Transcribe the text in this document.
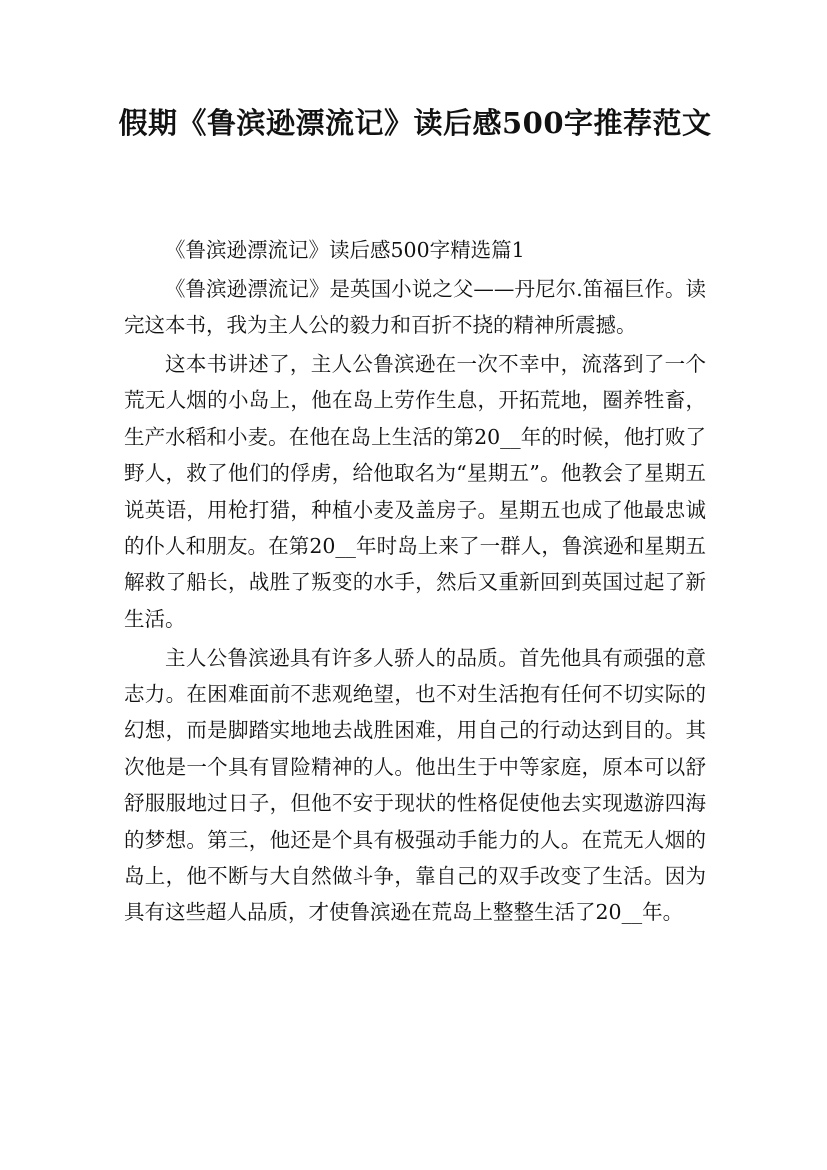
假期《鲁滨逊漂流记》读后感500字推荐范文

《鲁滨逊漂流记》读后感500字精选篇1

《鲁滨逊漂流记》是英国小说之父——丹尼尔.笛福巨作。读完这本书，我为主人公的毅力和百折不挠的精神所震撼。

这本书讲述了，主人公鲁滨逊在一次不幸中，流落到了一个荒无人烟的小岛上，他在岛上劳作生息，开拓荒地，圈养牲畜，生产水稻和小麦。在他在岛上生活的第20__年的时候，他打败了野人，救了他们的俘虏，给他取名为“星期五”。他教会了星期五说英语，用枪打猎，种植小麦及盖房子。星期五也成了他最忠诚的仆人和朋友。在第20__年时岛上来了一群人，鲁滨逊和星期五解救了船长，战胜了叛变的水手，然后又重新回到英国过起了新生活。

主人公鲁滨逊具有许多人骄人的品质。首先他具有顽强的意志力。在困难面前不悲观绝望，也不对生活抱有任何不切实际的幻想，而是脚踏实地地去战胜困难，用自己的行动达到目的。其次他是一个具有冒险精神的人。他出生于中等家庭，原本可以舒舒服服地过日子，但他不安于现状的性格促使他去实现遨游四海的梦想。第三，他还是个具有极强动手能力的人。在荒无人烟的岛上，他不断与大自然做斗争，靠自己的双手改变了生活。因为具有这些超人品质，才使鲁滨逊在荒岛上整整生活了20__年。
